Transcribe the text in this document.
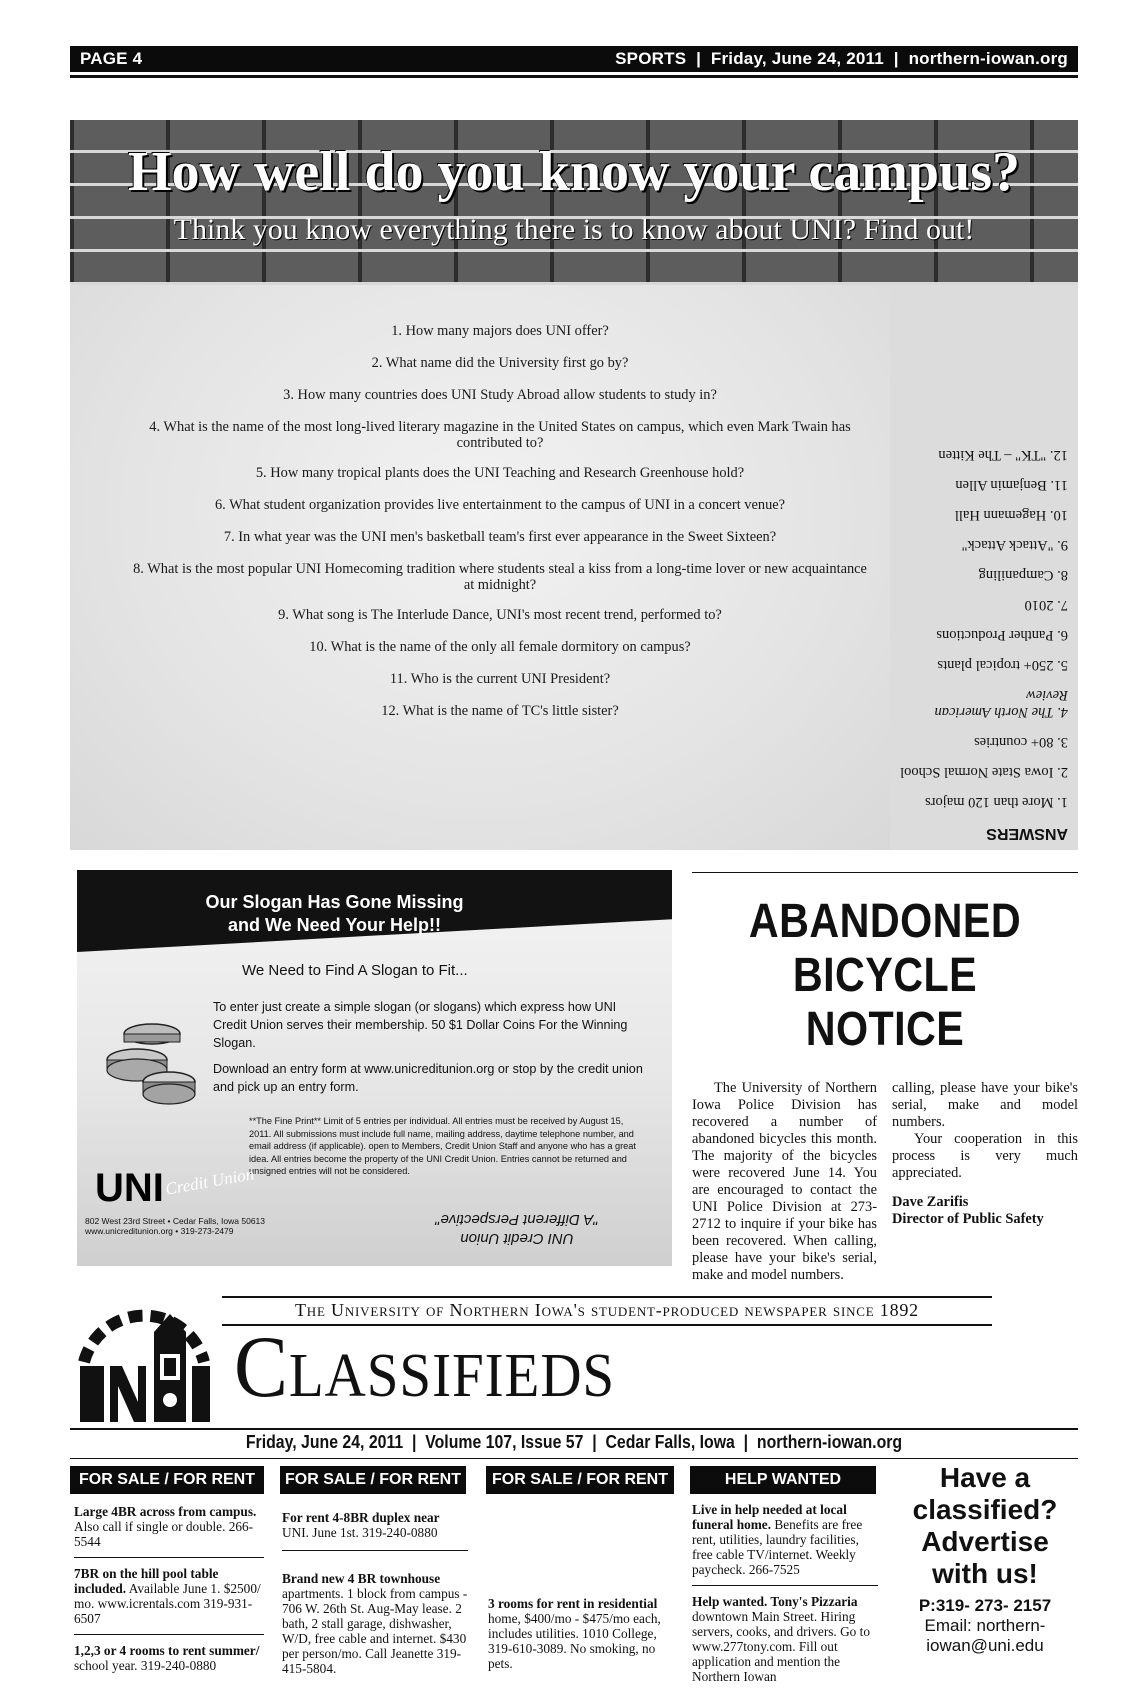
PAGE 4	SPORTS  |  Friday, June 24, 2011  |  northern-iowan.org
How well do you know your campus?
Think you know everything there is to know about UNI? Find out!
1. How many majors does UNI offer?
2. What name did the University first go by?
3. How many countries does UNI Study Abroad allow students to study in?
4. What is the name of the most long-lived literary magazine in the United States on campus, which even Mark Twain has contributed to?
5. How many tropical plants does the UNI Teaching and Research Greenhouse hold?
6. What student organization provides live entertainment to the campus of UNI in a concert venue?
7. In what year was the UNI men's basketball team's first ever appearance in the Sweet Sixteen?
8. What is the most popular UNI Homecoming tradition where students steal a kiss from a long-time lover or new acquaintance at midnight?
9. What song is The Interlude Dance, UNI's most recent trend, performed to?
10. What is the name of the only all female dormitory on campus?
11. Who is the current UNI President?
12. What is the name of TC's little sister?
ANSWERS
1. More than 120 majors
2. Iowa State Normal School
3. 80+ countries
4. The North American Review
5. 250+ tropical plants
6. Panther Productions
7. 2010
8. Campaniling
9. "Attack Attack"
10. Hagemann Hall
11. Benjamin Allen
12. "TK" – The Kitten
Our Slogan Has Gone Missing
and We Need Your Help!!
We Need to Find A Slogan to Fit...
To enter just create a simple slogan (or slogans) which express how UNI Credit Union serves their membership. 50 $1 Dollar Coins For the Winning Slogan.
Download an entry form at www.unicreditunion.org or stop by the credit union and pick up an entry form.
**The Fine Print** Limit of 5 entries per individual. All entries must be received by August 15, 2011. All submissions must include full name, mailing address, daytime telephone number, and email address (if applicable). open to Members, Credit Union Staff and anyone who has a great idea. All entries become the property of the UNI Credit Union. Entries cannot be returned and unsigned entries will not be considered.
UNI Credit Union
802 West 23rd Street • Cedar Falls, Iowa 50613
www.unicreditunion.org • 319-273-2479	UNI Credit Union
"A Different Perspective"
ABANDONED
BICYCLE
NOTICE

The University of Northern Iowa Police Division has recovered a number of abandoned bicycles this month. The majority of the bicycles were recovered June 14. You are encouraged to contact the UNI Police Division at 273-2712 to inquire if your bike has been recovered. When calling, please have your bike's serial, make and model numbers.

calling, please have your bike's serial, make and model numbers.

Your cooperation in this process is very much appreciated.

Dave Zarifis

Director of Public Safety

The University of Northern Iowa's student-produced newspaper since 1892
Classifieds
Friday, June 24, 2011  |  Volume 107, Issue 57  |  Cedar Falls, Iowa  |  northern-iowan.org
FOR SALE / FOR RENT	FOR SALE / FOR RENT	FOR SALE / FOR RENT	HELP WANTED

Large 4BR across from campus. Also call if single or double. 266-5544

7BR on the hill pool table included. Available June 1. $2500/ mo. www.icrentals.com 319-931-6507

1,2,3 or 4 rooms to rent summer/ school year. 319-240-0880

For rent 4-8BR duplex near UNI. June 1st. 319-240-0880

Brand new 4 BR townhouse apartments. 1 block from campus - 706 W. 26th St. Aug-May lease. 2 bath, 2 stall garage, dishwasher, W/D, free cable and internet. $430 per person/mo. Call Jeanette 319-415-5804.

3 rooms for rent in residential home, $400/mo - $475/mo each, includes utilities. 1010 College, 319-610-3089. No smoking, no pets.

Live in help needed at local funeral home. Benefits are free rent, utilities, laundry facilities, free cable TV/internet. Weekly paycheck. 266-7525

Help wanted. Tony's Pizzaria downtown Main Street. Hiring servers, cooks, and drivers. Go to www.277tony.com. Fill out application and mention the Northern Iowan

Have a
classified?
Advertise
with us!
P:319- 273- 2157
Email: northern-
iowan@uni.edu
